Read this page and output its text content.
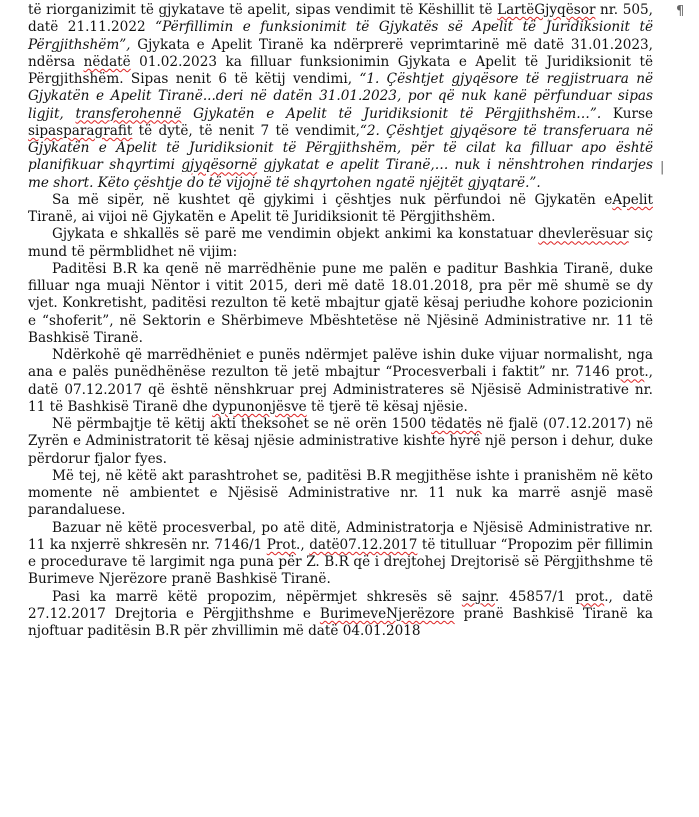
të riorganizimit të gjykatave të apelit, sipas vendimit të Këshillit të LartëGjyqësor nr. 505, datë 21.11.2022 “Përfillimin e funksionimit të Gjykatës së Apelit të Juridiksionit të Përgjithshëm”, Gjykata e Apelit Tiranë ka ndërprerë veprimtarinë më datë 31.01.2023, ndërsa nëdatë 01.02.2023 ka filluar funksionimin Gjykata e Apelit të Juridiksionit të Përgjithshëm. Sipas nenit 6 të këtij vendimi, “1. Çështjet gjyqësore të regjistruara në Gjykatën e Apelit Tiranë...deri në datën 31.01.2023, por që nuk kanë përfunduar sipas ligjit, transferohennë Gjykatën e Apelit të Juridiksionit të Përgjithshëm…”. Kurse sipasparagrafit të dytë, të nenit 7 të vendimit,“2. Çështjet gjyqësore të transferuara në Gjykatën e Apelit të Juridiksionit të Përgjithshëm, për të cilat ka filluar apo është planifikuar shqyrtimi gjyqësornë gjykatat e apelit Tiranë,… nuk i nënshtrohen rindarjes me short. Këto çështje do të vijojnë të shqyrtohen ngatë njëjtët gjyqtarë.”.

Sa më sipër, në kushtet që gjykimi i çështjes nuk përfundoi në Gjykatën eApelit Tiranë, ai vijoi në Gjykatën e Apelit të Juridiksionit të Përgjithshëm.

Gjykata e shkallës së parë me vendimin objekt ankimi ka konstatuar dhevlerësuar siç mund të përmblidhet në vijim:

Paditësi B.R ka qenë në marrëdhënie pune me palën e paditur Bashkia Tiranë, duke filluar nga muaji Nëntor i vitit 2015, deri më datë 18.01.2018, pra për më shumë se dy vjet. Konkretisht, paditësi rezulton të ketë mbajtur gjatë kësaj periudhe kohore pozicionin e “shoferit”, në Sektorin e Shërbimeve Mbështetëse në Njësinë Administrative nr. 11 të Bashkisë Tiranë.

Ndërkohë që marrëdhëniet e punës ndërmjet palëve ishin duke vijuar normalisht, nga ana e palës punëdhënëse rezulton të jetë mbajtur “Procesverbali i faktit” nr. 7146 prot., datë 07.12.2017 që është nënshkruar prej Administrateres së Njësisë Administrative nr. 11 të Bashkisë Tiranë dhe dypunonjësve të tjerë të kësaj njësie.

Në përmbajtje të këtij akti theksohet se në orën 1500 tëdatës në fjalë (07.12.2017) në Zyrën e Administratorit të kësaj njësie administrative kishte hyrë një person i dehur, duke përdorur fjalor fyes.

Më tej, në këtë akt parashtrohet se, paditësi B.R megjithëse ishte i pranishëm në këto momente në ambientet e Njësisë Administrative nr. 11 nuk ka marrë asnjë masë parandaluese.

Bazuar në këtë procesverbal, po atë ditë, Administratorja e Njësisë Administrative nr. 11 ka nxjerrë shkresën nr. 7146/1 Prot., datë07.12.2017 të titulluar “Propozim për fillimin e procedurave të largimit nga puna për Z. B.R që i drejtohej Drejtorisë së Përgjithshme të Burimeve Njerëzore pranë Bashkisë Tiranë.

Pasi ka marrë këtë propozim, nëpërmjet shkresës së sajnr. 45857/1 prot., datë 27.12.2017 Drejtoria e Përgjithshme e BurimeveNjerëzore pranë Bashkisë Tiranë ka njoftuar paditësin B.R për zhvillimin më datë 04.01.2018

¶
|
